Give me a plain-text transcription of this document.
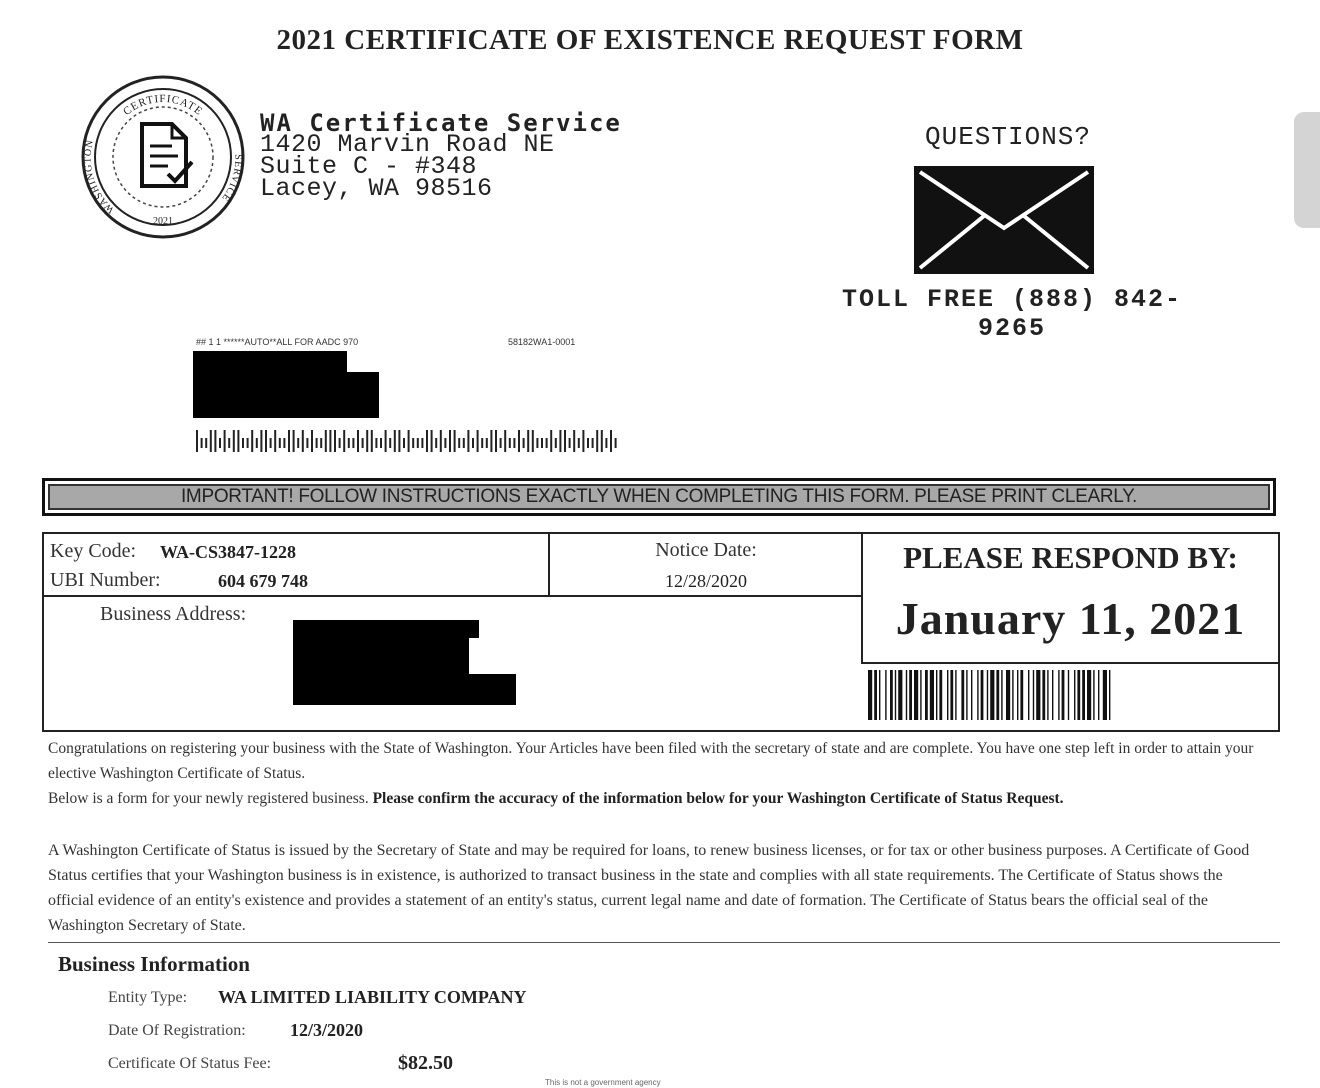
2021 CERTIFICATE OF EXISTENCE REQUEST FORM
CERTIFICATE
WASHINGTON
SERVICE
2021
WA Certificate Service
1420 Marvin Road NE
Suite C - #348
Lacey, WA 98516
QUESTIONS?
TOLL FREE (888) 842-9265
## 1 1 ******AUTO**ALL FOR AADC 970	58182WA1-0001
IMPORTANT! FOLLOW INSTRUCTIONS EXACTLY WHEN COMPLETING THIS FORM. PLEASE PRINT CLEARLY.
Key Code: WA-CS3847-1228
UBI Number:	604 679 748
Notice Date:
12/28/2020
Business Address:
PLEASE RESPOND BY:
January 11, 2021
Congratulations on registering your business with the State of Washington. Your Articles have been filed with the secretary of state and are complete. You have one step left in order to attain your elective Washington Certificate of Status.
Below is a form for your newly registered business. Please confirm the accuracy of the information below for your Washington Certificate of Status Request.
A Washington Certificate of Status is issued by the Secretary of State and may be required for loans, to renew business licenses, or for tax or other business purposes. A Certificate of Good Status certifies that your Washington business is in existence, is authorized to transact business in the state and complies with all state requirements. The Certificate of Status shows the official evidence of an entity's existence and provides a statement of an entity's status, current legal name and date of formation. The Certificate of Status bears the official seal of the Washington Secretary of State.
Business Information
Entity Type: WA LIMITED LIABILITY COMPANY
Date Of Registration: 12/3/2020
Certificate Of Status Fee:	$82.50
This is not a government agency
